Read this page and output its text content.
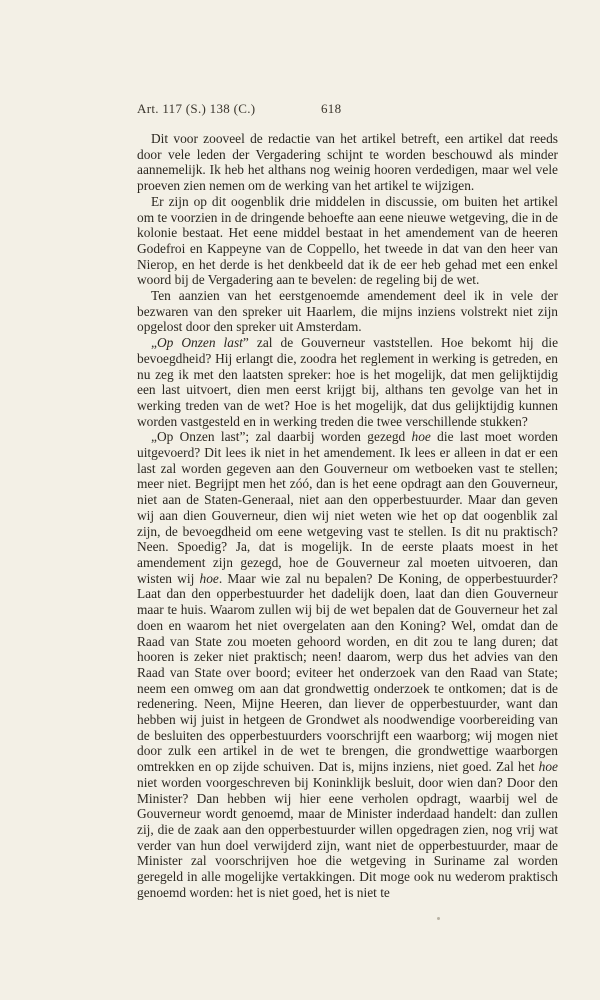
Art. 117 (S.) 138 (C.)	618

Dit voor zooveel de redactie van het artikel betreft, een artikel dat reeds door vele leden der Vergadering schijnt te worden beschouwd als minder aannemelijk. Ik heb het althans nog weinig hooren verdedigen, maar wel vele proeven zien nemen om de werking van het artikel te wijzigen.

Er zijn op dit oogenblik drie middelen in discussie, om buiten het artikel om te voorzien in de dringende behoefte aan eene nieuwe wetgeving, die in de kolonie bestaat. Het eene middel bestaat in het amendement van de heeren Godefroi en Kappeyne van de Coppello, het tweede in dat van den heer van Nierop, en het derde is het denkbeeld dat ik de eer heb gehad met een enkel woord bij de Vergadering aan te bevelen: de regeling bij de wet.

Ten aanzien van het eerstgenoemde amendement deel ik in vele der bezwaren van den spreker uit Haarlem, die mijns inziens volstrekt niet zijn opgelost door den spreker uit Amsterdam.

„Op Onzen last” zal de Gouverneur vaststellen. Hoe bekomt hij die bevoegdheid? Hij erlangt die, zoodra het reglement in werking is getreden, en nu zeg ik met den laatsten spreker: hoe is het mogelijk, dat men gelijktijdig een last uitvoert, dien men eerst krijgt bij, althans ten gevolge van het in werking treden van de wet? Hoe is het mogelijk, dat dus gelijktijdig kunnen worden vastgesteld en in werking treden die twee verschillende stukken?

„Op Onzen last”; zal daarbij worden gezegd hoe die last moet worden uitgevoerd? Dit lees ik niet in het amendement. Ik lees er alleen in dat er een last zal worden gegeven aan den Gouverneur om wetboeken vast te stellen; meer niet. Begrijpt men het zóó, dan is het eene opdragt aan den Gouverneur, niet aan de Staten-Generaal, niet aan den opperbestuurder. Maar dan geven wij aan dien Gouverneur, dien wij niet weten wie het op dat oogenblik zal zijn, de bevoegdheid om eene wetgeving vast te stellen. Is dit nu praktisch? Neen. Spoedig? Ja, dat is mogelijk. In de eerste plaats moest in het amendement zijn gezegd, hoe de Gouverneur zal moeten uitvoeren, dan wisten wij hoe. Maar wie zal nu bepalen? De Koning, de opperbestuurder? Laat dan den opperbestuurder het dadelijk doen, laat dan dien Gouverneur maar te huis. Waarom zullen wij bij de wet bepalen dat de Gouverneur het zal doen en waarom het niet overgelaten aan den Koning? Wel, omdat dan de Raad van State zou moeten gehoord worden, en dit zou te lang duren; dat hooren is zeker niet praktisch; neen! daarom, werp dus het advies van den Raad van State over boord; eviteer het onderzoek van den Raad van State; neem een omweg om aan dat grondwettig onderzoek te ontkomen; dat is de redenering. Neen, Mijne Heeren, dan liever de opperbestuurder, want dan hebben wij juist in hetgeen de Grondwet als noodwendige voorbereiding van de besluiten des opperbestuurders voorschrijft een waarborg; wij mogen niet door zulk een artikel in de wet te brengen, die grondwettige waarborgen omtrekken en op zijde schuiven. Dat is, mijns inziens, niet goed. Zal het hoe niet worden voorgeschreven bij Koninklijk besluit, door wien dan? Door den Minister? Dan hebben wij hier eene verholen opdragt, waarbij wel de Gouverneur wordt genoemd, maar de Minister inderdaad handelt: dan zullen zij, die de zaak aan den opperbestuurder willen opgedragen zien, nog vrij wat verder van hun doel verwijderd zijn, want niet de opperbestuurder, maar de Minister zal voorschrijven hoe die wetgeving in Suriname zal worden geregeld in alle mogelijke vertakkingen. Dit moge ook nu wederom praktisch genoemd worden: het is niet goed, het is niet te
